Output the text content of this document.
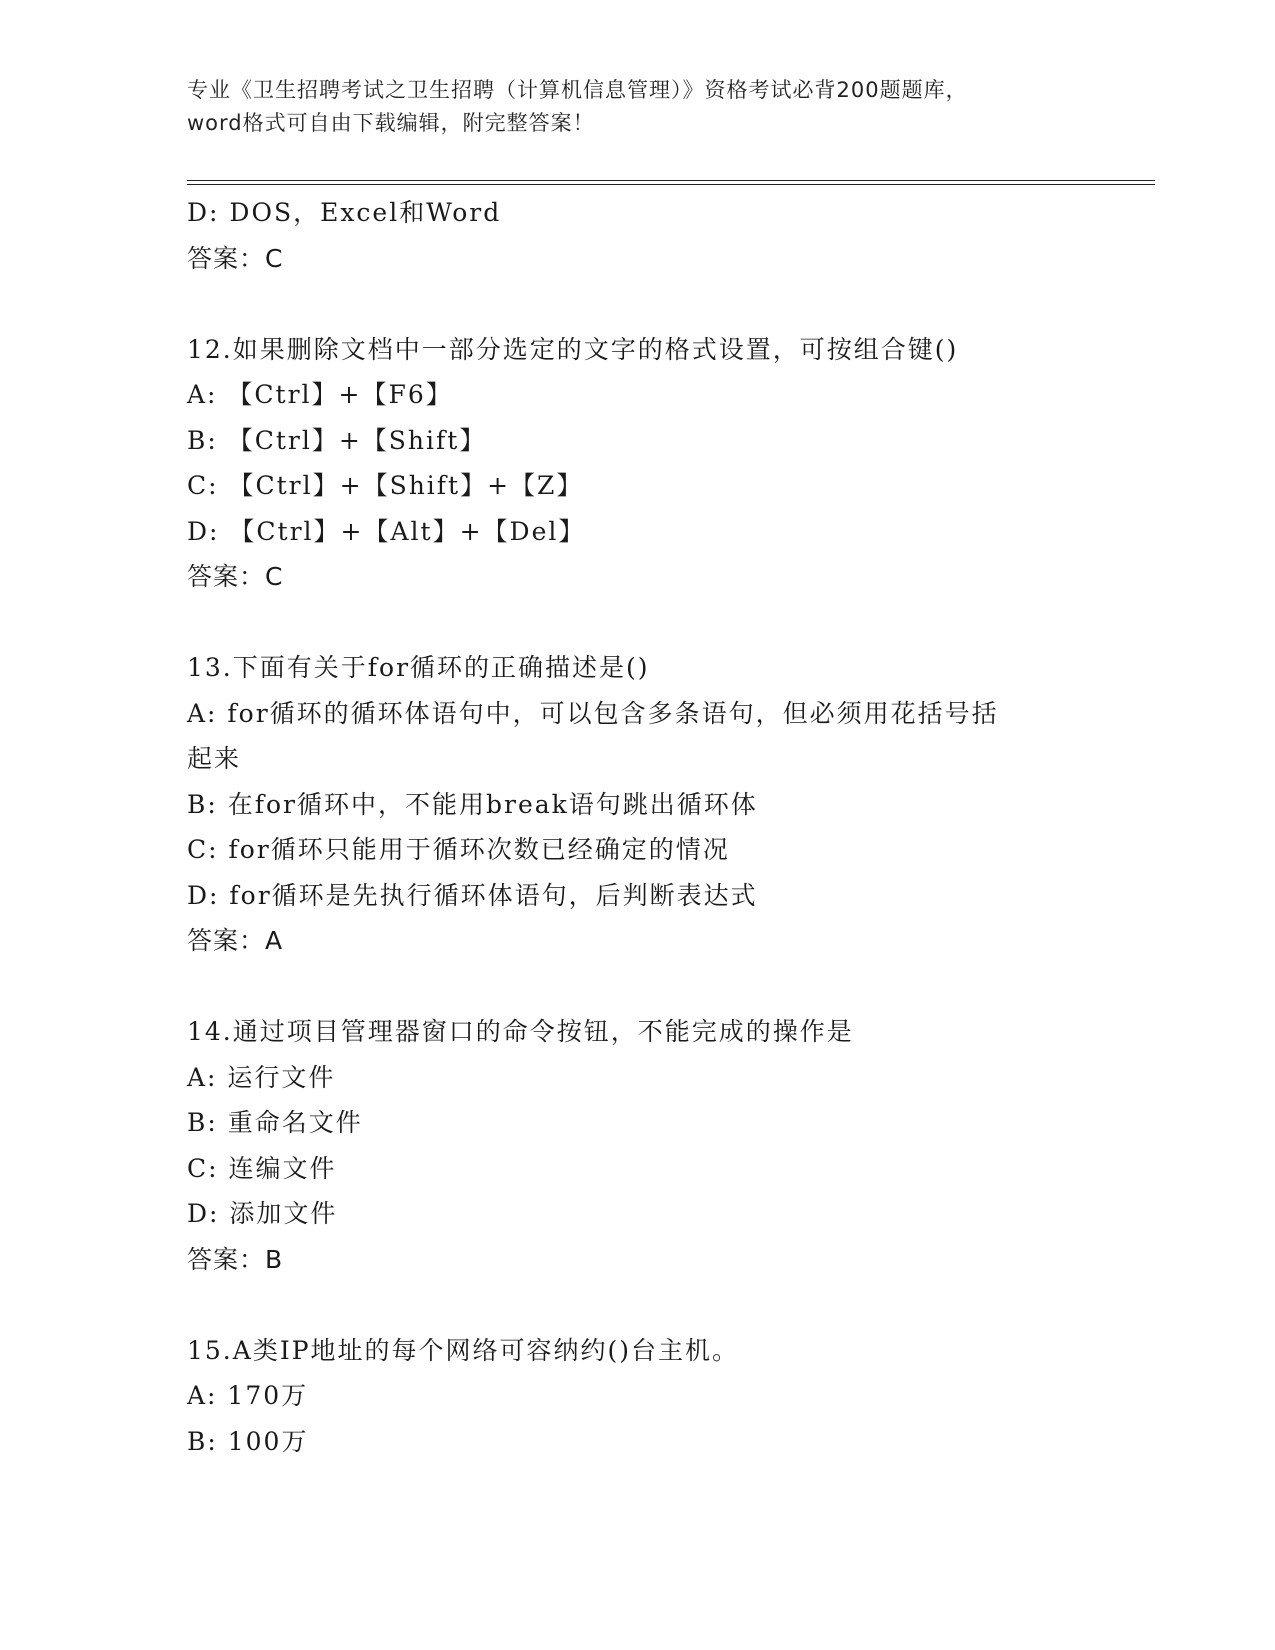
专业《卫生招聘考试之卫生招聘（计算机信息管理）》资格考试必背200题题库，
word格式可自由下载编辑，附完整答案！
D: DOS，Excel和Word
答案：C
12.如果删除文档中一部分选定的文字的格式设置，可按组合键()
A: 【Ctrl】+【F6】
B: 【Ctrl】+【Shift】
C: 【Ctrl】+【Shift】+【Z】
D: 【Ctrl】+【Alt】+【Del】
答案：C
13.下面有关于for循环的正确描述是()
A: for循环的循环体语句中，可以包含多条语句，但必须用花括号括
起来
B: 在for循环中，不能用break语句跳出循环体
C: for循环只能用于循环次数已经确定的情况
D: for循环是先执行循环体语句，后判断表达式
答案：A
14.通过项目管理器窗口的命令按钮，不能完成的操作是
A: 运行文件
B: 重命名文件
C: 连编文件
D: 添加文件
答案：B
15.A类IP地址的每个网络可容纳约()台主机。
A: 170万
B: 100万
